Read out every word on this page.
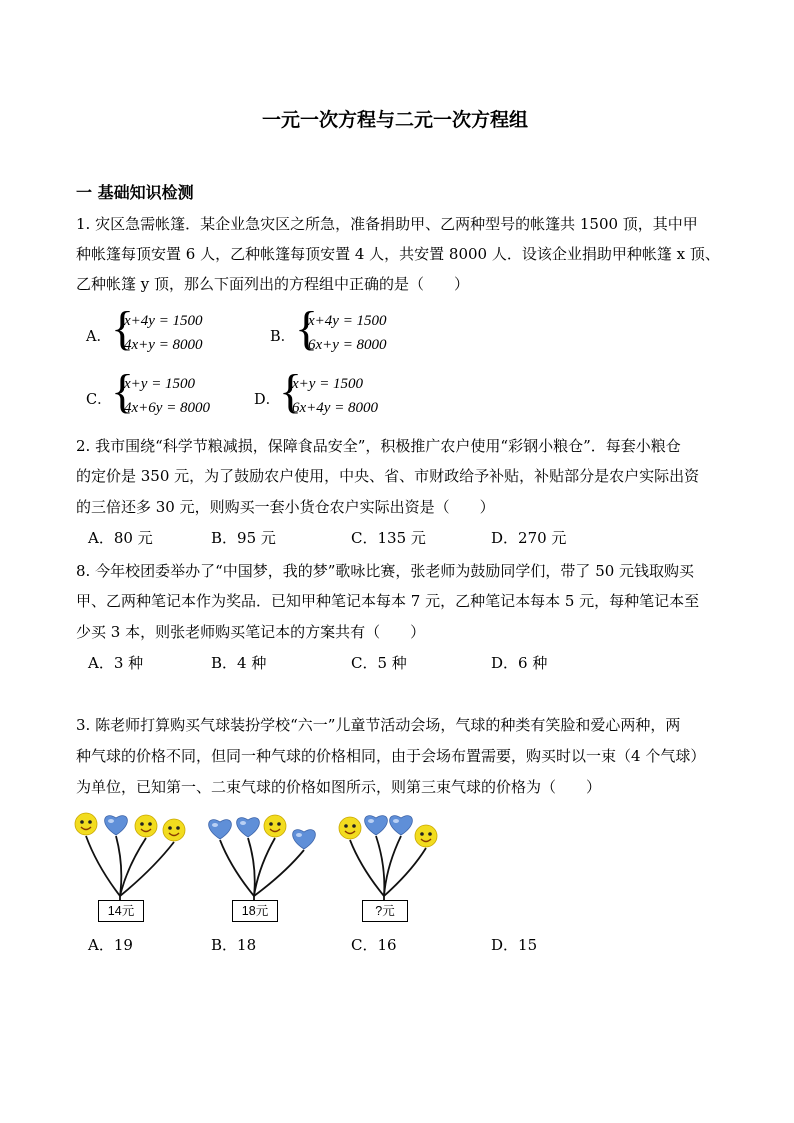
一元一次方程与二元一次方程组
一 基础知识检测
1. 灾区急需帐篷．某企业急灾区之所急，准备捐助甲、乙两种型号的帐篷共 1500 顶，其中甲
种帐篷每顶安置 6 人，乙种帐篷每顶安置 4 人，共安置 8000 人．设该企业捐助甲种帐篷 x 顶、
乙种帐篷 y 顶，那么下面列出的方程组中正确的是（　　）
A． {
x+4y = 1500
4x+y = 8000	B． {
x+4y = 1500
6x+y = 8000
C． {
x+y = 1500
4x+6y = 8000	D．
{
x+y = 1500
6x+4y = 8000
2. 我市围绕“科学节粮减损，保障食品安全”，积极推广农户使用“彩钢小粮仓”．每套小粮仓
的定价是 350 元，为了鼓励农户使用，中央、省、市财政给予补贴，补贴部分是农户实际出资
的三倍还多 30 元，则购买一套小货仓农户实际出资是（　　）
A．80 元	B．95 元	C．135 元	D．270 元
8. 今年校团委举办了“中国梦，我的梦”歌咏比赛，张老师为鼓励同学们，带了 50 元钱取购买
甲、乙两种笔记本作为奖品．已知甲种笔记本每本 7 元，乙种笔记本每本 5 元，每种笔记本至
少买 3 本，则张老师购买笔记本的方案共有（　　）
A．3 种	B．4 种	C．5 种	D．6 种
3. 陈老师打算购买气球装扮学校“六一”儿童节活动会场，气球的种类有笑脸和爱心两种，两
种气球的价格不同，但同一种气球的价格相同，由于会场布置需要，购买时以一束（4 个气球）
为单位，已知第一、二束气球的价格如图所示，则第三束气球的价格为（　　）
14元	18元	?元
A．19	B．18	C．16	D．15
